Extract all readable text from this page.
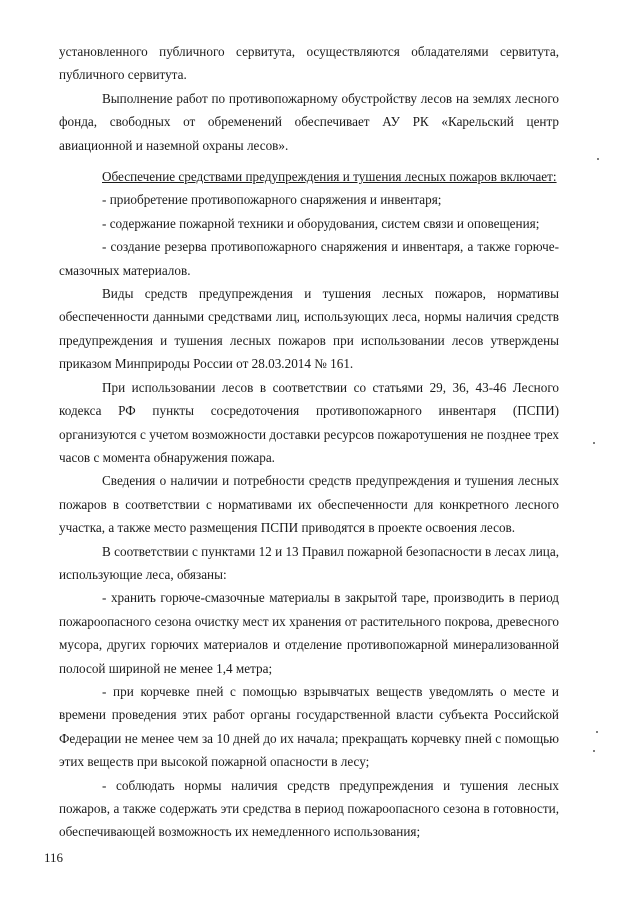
установленного публичного сервитута, осуществляются обладателями сервитута, публичного сервитута.

Выполнение работ по противопожарному обустройству лесов на землях лесного фонда, свободных от обременений обеспечивает АУ РК «Карельский центр авиационной и наземной охраны лесов».

Обеспечение средствами предупреждения и тушения лесных пожаров включает:

- приобретение противопожарного снаряжения и инвентаря;

- содержание пожарной техники и оборудования, систем связи и оповещения;

- создание резерва противопожарного снаряжения и инвентаря, а также горюче-смазочных материалов.

Виды средств предупреждения и тушения лесных пожаров, нормативы обеспеченности данными средствами лиц, использующих леса, нормы наличия средств предупреждения и тушения лесных пожаров при использовании лесов утверждены приказом Минприроды России от 28.03.2014 № 161.

При использовании лесов в соответствии со статьями 29, 36, 43-46 Лесного кодекса РФ пункты сосредоточения противопожарного инвентаря (ПСПИ) организуются с учетом возможности доставки ресурсов пожаротушения не позднее трех часов с момента обнаружения пожара.

Сведения о наличии и потребности средств предупреждения и тушения лесных пожаров в соответствии с нормативами их обеспеченности для конкретного лесного участка, а также место размещения ПСПИ приводятся в проекте освоения лесов.

В соответствии с пунктами 12 и 13 Правил пожарной безопасности в лесах лица, использующие леса, обязаны:

- хранить горюче-смазочные материалы в закрытой таре, производить в период пожароопасного сезона очистку мест их хранения от растительного покрова, древесного мусора, других горючих материалов и отделение противопожарной минерализованной полосой шириной не менее 1,4 метра;

- при корчевке пней с помощью взрывчатых веществ уведомлять о месте и времени проведения этих работ органы государственной власти субъекта Российской Федерации не менее чем за 10 дней до их начала; прекращать корчевку пней с помощью этих веществ при высокой пожарной опасности в лесу;

- соблюдать нормы наличия средств предупреждения и тушения лесных пожаров, а также содержать эти средства в период пожароопасного сезона в готовности, обеспечивающей возможность их немедленного использования;

116
